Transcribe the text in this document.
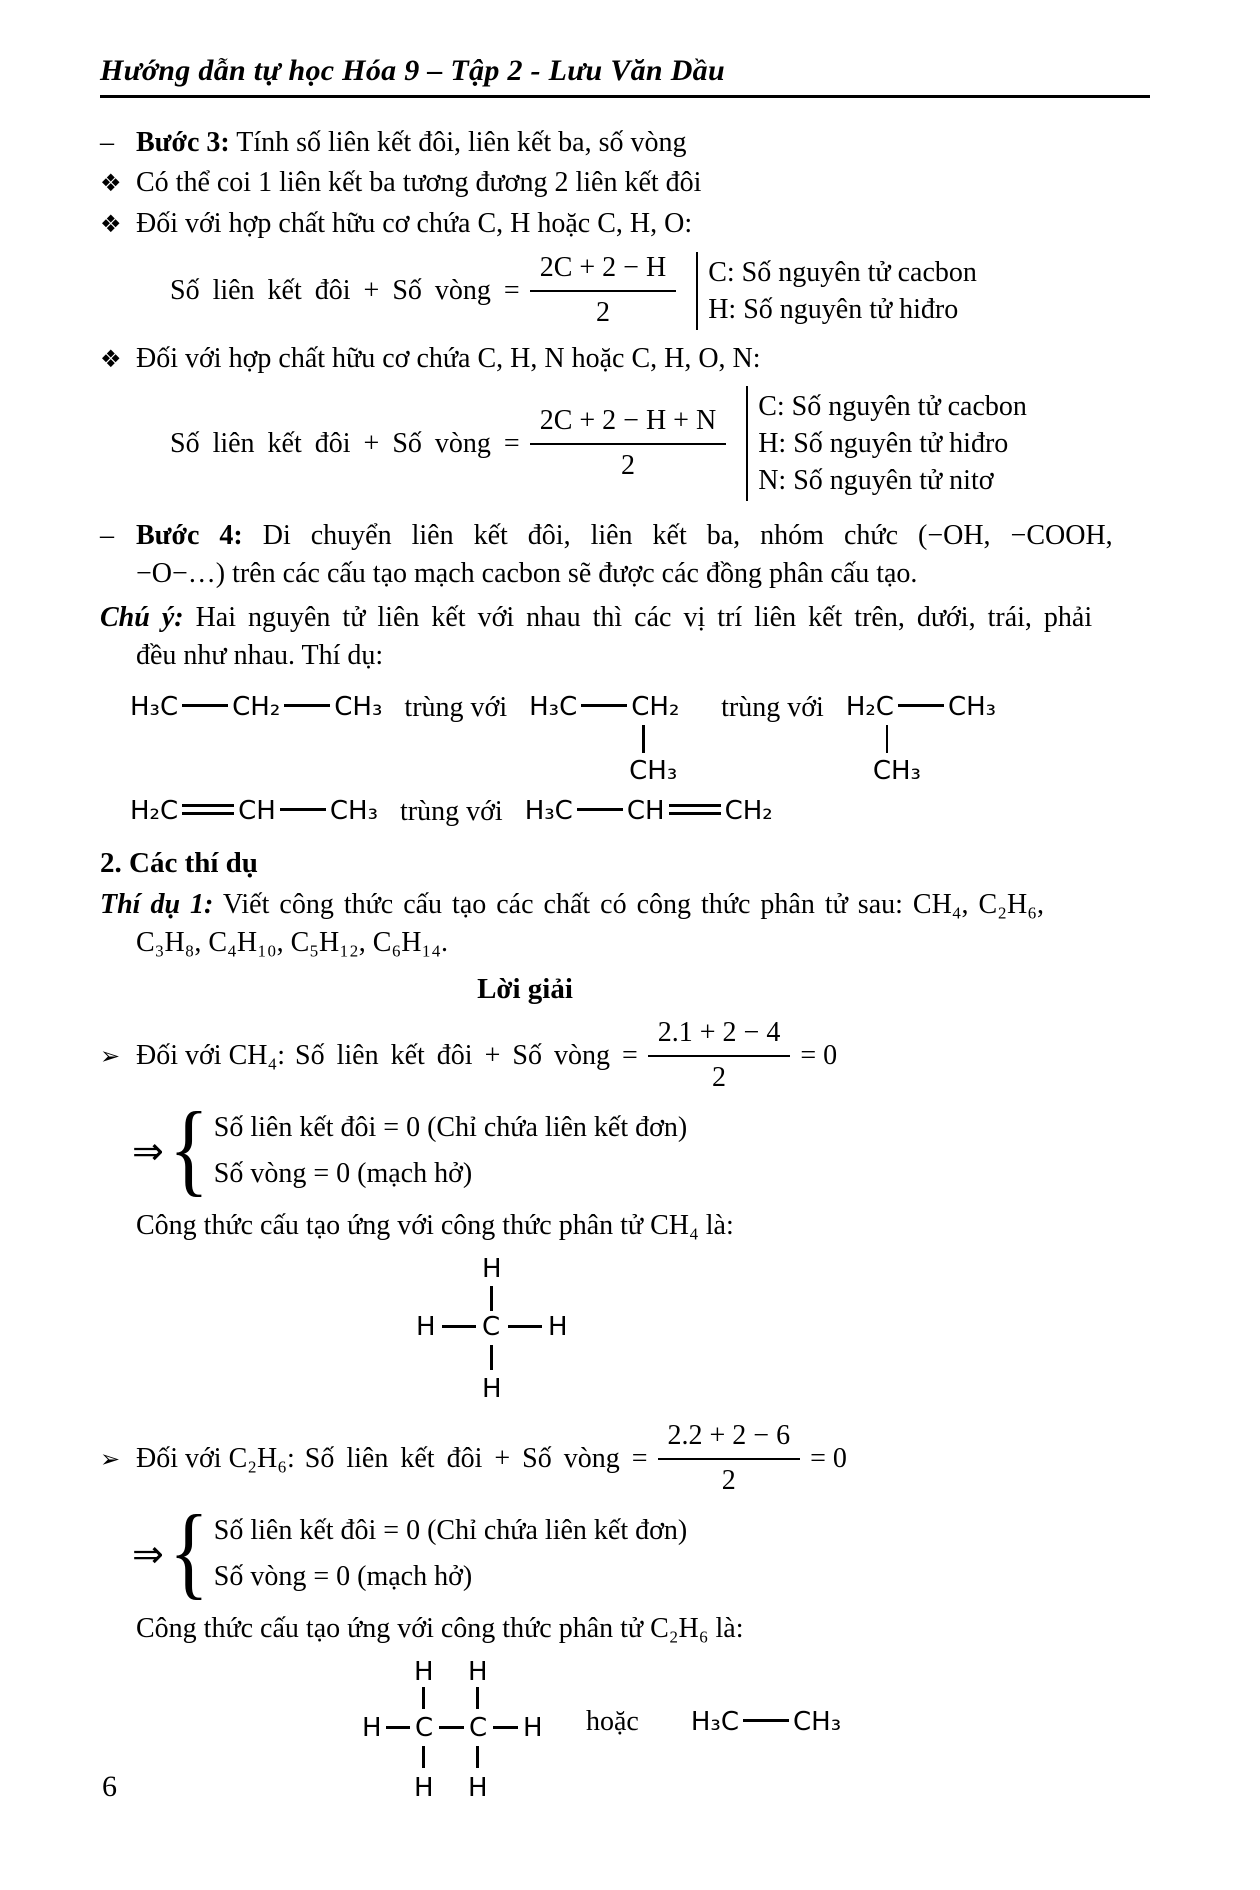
Hướng dẫn tự học Hóa 9 – Tập 2 - Lưu Văn Dầu
– Bước 3: Tính số liên kết đôi, liên kết ba, số vòng
❖ Có thể coi 1 liên kết ba tương đương 2 liên kết đôi
❖ Đối với hợp chất hữu cơ chứa C, H hoặc C, H, O:
Số liên kết đôi + Số vòng = $\frac{2C + 2 - H}{2} C$: Số nguyên tử cacbon
H: Số nguyên tử hiđro
❖ Đối với hợp chất hữu cơ chứa C, H, N hoặc C, H, O, N:
Số liên kết đôi + Số vòng = $\frac{2C + 2 - H + N}{2} C$: Số nguyên tử cacbon
H: Số nguyên tử hiđro
N: Số nguyên tử nitơ
– Bước 4: Di chuyển liên kết đôi, liên kết ba, nhóm chức (−OH, −COOH,
−O−…) trên các cấu tạo mạch cacbon sẽ được các đồng phân cấu tạo.
Chú ý: Hai nguyên tử liên kết với nhau thì các vị trí liên kết trên, dưới, trái, phải
đều như nhau. Thí dụ:
H₃C CH₂ CH₃ trùng với H₃C CH₂
CH₃
trùng với H₂C CH₃
CH₃
H₂C CH CH₃ trùng với H₃C CH CH₂
2. Các thí dụ
Thí dụ 1: Viết công thức cấu tạo các chất có công thức phân tử sau: CH₄, C₂H₆,
C₃H₈, C₄H₁₀, C₅H₁₂, C₆H₁₄.
Lời giải
➢ Đối với CH₄: Số liên kết đôi + Số vòng = $\frac{2.1 + 2 - 4}{2} = 0$
⇒ { Số liên kết đôi = 0 (Chỉ chứa liên kết đơn)
Số vòng = 0 (mạch hở)
Công thức cấu tạo ứng với công thức phân tử CH₄ là:
H
H C H
H
➢ Đối với C₂H₆: Số liên kết đôi + Số vòng = $\frac{2.2 + 2 - 6}{2} = 0$
⇒ { Số liên kết đôi = 0 (Chỉ chứa liên kết đơn)
Số vòng = 0 (mạch hở)
Công thức cấu tạo ứng với công thức phân tử C₂H₆ là:
H H
H C C H
H H
hoặc H₃C CH₃
6
